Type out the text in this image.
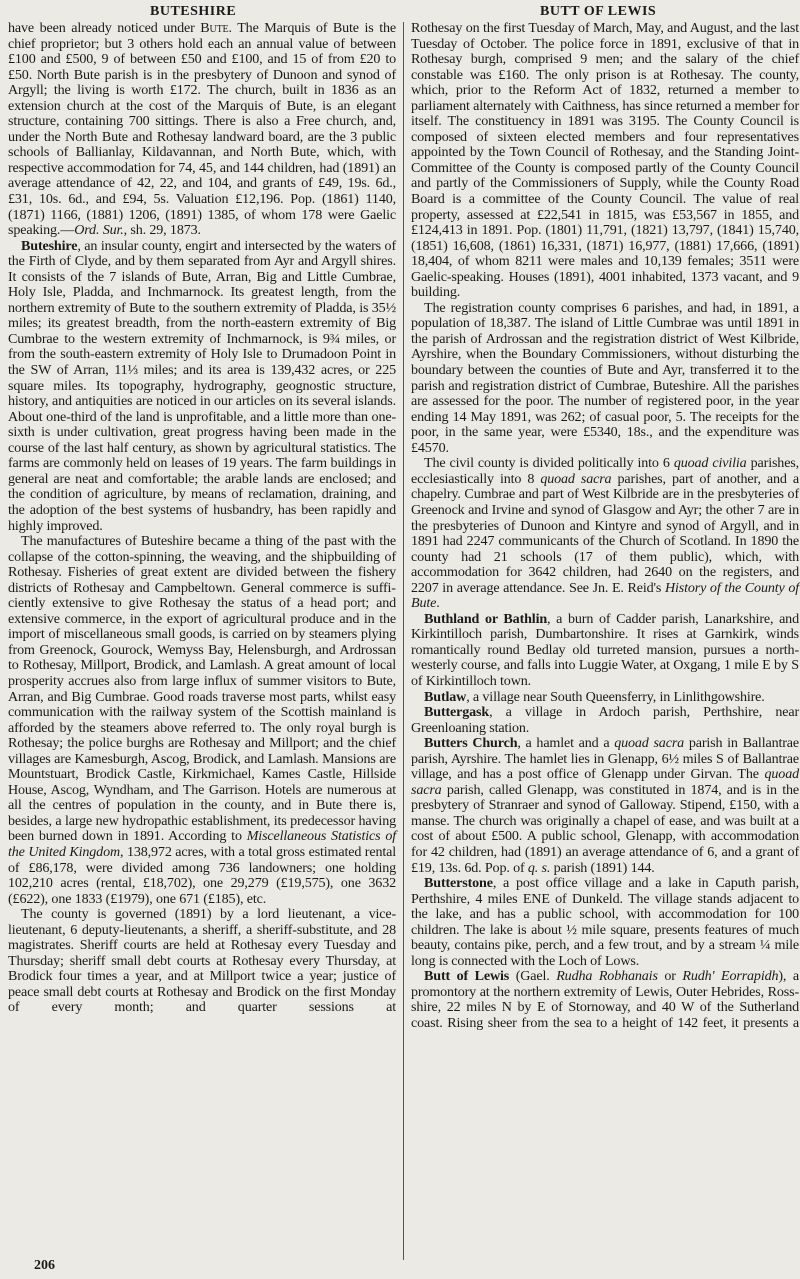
BUTESHIRE	BUTT OF LEWIS

have been already noticed under Bute. The Marquis of Bute is the chief proprietor; but 3 others hold each an annual value of between £100 and £500, 9 of between £50 and £100, and 15 of from £20 to £50. North Bute parish is in the presbytery of Dunoon and synod of Argyll; the living is worth £172. The church, built in 1836 as an extension church at the cost of the Marquis of Bute, is an elegant structure, containing 700 sittings. There is also a Free church, and, under the North Bute and Rothesay landward board, are the 3 public schools of Ballianlay, Kildavannan, and North Bute, which, with respective accommodation for 74, 45, and 144 children, had (1891) an average attendance of 42, 22, and 104, and grants of £49, 19s. 6d., £31, 10s. 6d., and £94, 5s. Valuation £12,196. Pop. (1861) 1140, (1871) 1166, (1881) 1206, (1891) 1385, of whom 178 were Gaelic speaking.—Ord. Sur., sh. 29, 1873.

Buteshire, an insular county, engirt and intersected by the waters of the Firth of Clyde, and by them separated from Ayr and Argyll shires. It consists of the 7 islands of Bute, Arran, Big and Little Cumbrae, Holy Isle, Pladda, and Inchmarnock. Its greatest length, from the northern extremity of Bute to the southern extremity of Pladda, is 35½ miles; its greatest breadth, from the north-eastern extremity of Big Cumbrae to the western extremity of Inchmarnock, is 9¾ miles, or from the south-eastern extremity of Holy Isle to Drumadoon Point in the SW of Arran, 11⅓ miles; and its area is 139,432 acres, or 225 square miles. Its topography, hydrography, geognostic structure, history, and antiquities are noticed in our articles on its several islands. About one-third of the land is unprofitable, and a little more than one-sixth is under cultivation, great progress having been made in the course of the last half century, as shown by agricultural statistics. The farms are commonly held on leases of 19 years. The farm buildings in general are neat and comfortable; the arable lands are enclosed; and the condition of agriculture, by means of reclamation, draining, and the adoption of the best systems of husbandry, has been rapidly and highly improved.

The manufactures of Buteshire became a thing of the past with the collapse of the cotton-spinning, the weaving, and the shipbuilding of Rothesay. Fisheries of great extent are divided between the fishery districts of Rothesay and Campbeltown. General commerce is sufficiently extensive to give Rothesay the status of a head port; and extensive commerce, in the export of agricultural produce and in the import of miscellaneous small goods, is carried on by steamers plying from Greenock, Gourock, Wemyss Bay, Helensburgh, and Ardrossan to Rothesay, Millport, Brodick, and Lamlash. A great amount of local prosperity accrues also from large influx of summer visitors to Bute, Arran, and Big Cumbrae. Good roads traverse most parts, whilst easy communication with the railway system of the Scottish mainland is afforded by the steamers above referred to. The only royal burgh is Rothesay; the police burghs are Rothesay and Millport; and the chief villages are Kamesburgh, Ascog, Brodick, and Lamlash. Mansions are Mountstuart, Brodick Castle, Kirkmichael, Kames Castle, Hillside House, Ascog, Wyndham, and The Garrison. Hotels are numerous at all the centres of population in the county, and in Bute there is, besides, a large new hydropathic establishment, its predecessor having been burned down in 1891. According to Miscellaneous Statistics of the United Kingdom, 138,972 acres, with a total gross estimated rental of £86,178, were divided among 736 landowners; one holding 102,210 acres (rental, £18,702), one 29,279 (£19,575), one 3632 (£622), one 1833 (£1979), one 671 (£185), etc.

The county is governed (1891) by a lord lieutenant, a vice-lieutenant, 6 deputy-lieutenants, a sheriff, a sheriff-substitute, and 28 magistrates. Sheriff courts are held at Rothesay every Tuesday and Thursday; sheriff small debt courts at Rothesay every Thursday, at Brodick four times a year, and at Millport twice a year; justice of peace small debt courts at Rothesay and Brodick on the first Monday of every month; and quarter sessions at

Rothesay on the first Tuesday of March, May, and August, and the last Tuesday of October. The police force in 1891, exclusive of that in Rothesay burgh, comprised 9 men; and the salary of the chief constable was £160. The only prison is at Rothesay. The county, which, prior to the Reform Act of 1832, returned a member to parliament alternately with Caithness, has since returned a member for itself. The constituency in 1891 was 3195. The County Council is composed of sixteen elected members and four representatives appointed by the Town Council of Rothesay, and the Standing Joint-Committee of the County is composed partly of the County Council and partly of the Commissioners of Supply, while the County Road Board is a committee of the County Council. The value of real property, assessed at £22,541 in 1815, was £53,567 in 1855, and £124,413 in 1891. Pop. (1801) 11,791, (1821) 13,797, (1841) 15,740, (1851) 16,608, (1861) 16,331, (1871) 16,977, (1881) 17,666, (1891) 18,404, of whom 8211 were males and 10,139 females; 3511 were Gaelic-speaking. Houses (1891), 4001 inhabited, 1373 vacant, and 9 building.

The registration county comprises 6 parishes, and had, in 1891, a population of 18,387. The island of Little Cumbrae was until 1891 in the parish of Ardrossan and the registration district of West Kilbride, Ayrshire, when the Boundary Commissioners, without disturbing the boundary between the counties of Bute and Ayr, transferred it to the parish and registration district of Cumbrae, Buteshire. All the parishes are assessed for the poor. The number of registered poor, in the year ending 14 May 1891, was 262; of casual poor, 5. The receipts for the poor, in the same year, were £5340, 18s., and the expenditure was £4570.

The civil county is divided politically into 6 quoad civilia parishes, ecclesiastically into 8 quoad sacra parishes, part of another, and a chapelry. Cumbrae and part of West Kilbride are in the presbyteries of Greenock and Irvine and synod of Glasgow and Ayr; the other 7 are in the presbyteries of Dunoon and Kintyre and synod of Argyll, and in 1891 had 2247 communicants of the Church of Scotland. In 1890 the county had 21 schools (17 of them public), which, with accommodation for 3642 children, had 2640 on the registers, and 2207 in average attendance. See Jn. E. Reid's History of the County of Bute.

Buthland or Bathlin, a burn of Cadder parish, Lanarkshire, and Kirkintilloch parish, Dumbartonshire. It rises at Garnkirk, winds romantically round Bedlay old turreted mansion, pursues a north-westerly course, and falls into Luggie Water, at Oxgang, 1 mile E by S of Kirkintilloch town.

Butlaw, a village near South Queensferry, in Linlithgowshire.

Buttergask, a village in Ardoch parish, Perthshire, near Greenloaning station.

Butters Church, a hamlet and a quoad sacra parish in Ballantrae parish, Ayrshire. The hamlet lies in Glenapp, 6½ miles S of Ballantrae village, and has a post office of Glenapp under Girvan. The quoad sacra parish, called Glenapp, was constituted in 1874, and is in the presbytery of Stranraer and synod of Galloway. Stipend, £150, with a manse. The church was originally a chapel of ease, and was built at a cost of about £500. A public school, Glenapp, with accommodation for 42 children, had (1891) an average attendance of 6, and a grant of £19, 13s. 6d. Pop. of q. s. parish (1891) 144.

Butterstone, a post office village and a lake in Caputh parish, Perthshire, 4 miles ENE of Dunkeld. The village stands adjacent to the lake, and has a public school, with accommodation for 100 children. The lake is about ½ mile square, presents features of much beauty, contains pike, perch, and a few trout, and by a stream ¼ mile long is connected with the Loch of Lows.

Butt of Lewis (Gael. Rudha Robhanais or Rudh' Eorrapidh), a promontory at the northern extremity of Lewis, Outer Hebrides, Ross-shire, 22 miles N by E of Stornoway, and 40 W of the Sutherland coast. Rising sheer from the sea to a height of 142 feet, it presents a

206
